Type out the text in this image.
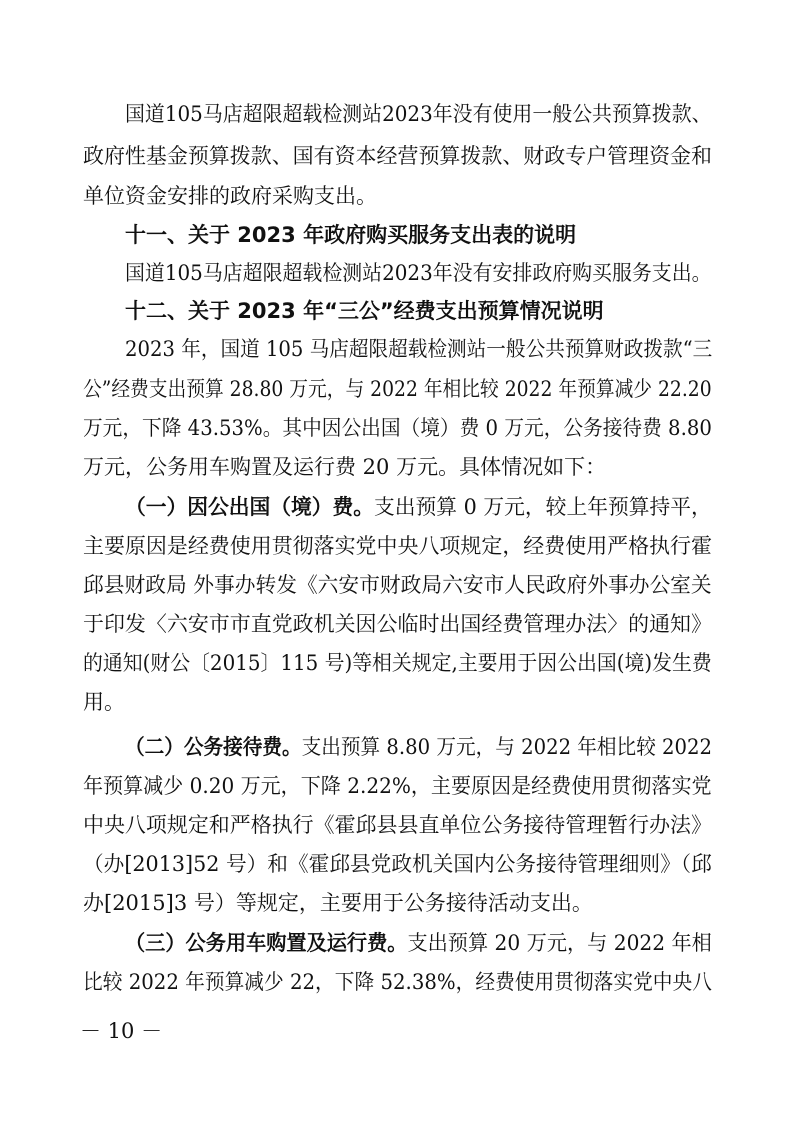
国道105马店超限超载检测站2023年没有使用一般公共预算拨款、
政府性基金预算拨款、国有资本经营预算拨款、财政专户管理资金和
单位资金安排的政府采购支出。
十一、关于 2023 年政府购买服务支出表的说明
国道105马店超限超载检测站2023年没有安排政府购买服务支出。
十二、关于 2023 年“三公”经费支出预算情况说明
2023 年，国道 105 马店超限超载检测站一般公共预算财政拨款“三
公”经费支出预算 28.80 万元，与 2022 年相比较 2022 年预算减少 22.20
万元，下降 43.53%。其中因公出国（境）费 0 万元，公务接待费 8.80
万元，公务用车购置及运行费 20 万元。具体情况如下：
（一）因公出国（境）费。支出预算 0 万元，较上年预算持平，
主要原因是经费使用贯彻落实党中央八项规定，经费使用严格执行霍
邱县财政局 外事办转发《六安市财政局六安市人民政府外事办公室关
于印发〈六安市市直党政机关因公临时出国经费管理办法〉的通知》
的通知(财公〔2015〕115 号)等相关规定,主要用于因公出国(境)发生费
用。
（二）公务接待费。支出预算 8.80 万元，与 2022 年相比较 2022
年预算减少 0.20 万元，下降 2.22%，主要原因是经费使用贯彻落实党
中央八项规定和严格执行《霍邱县县直单位公务接待管理暂行办法》
（办[2013]52 号）和《霍邱县党政机关国内公务接待管理细则》（邱
办[2015]3 号）等规定，主要用于公务接待活动支出。
（三）公务用车购置及运行费。支出预算 20 万元，与 2022 年相
比较 2022 年预算减少 22，下降 52.38%，经费使用贯彻落实党中央八
－ 10 －
